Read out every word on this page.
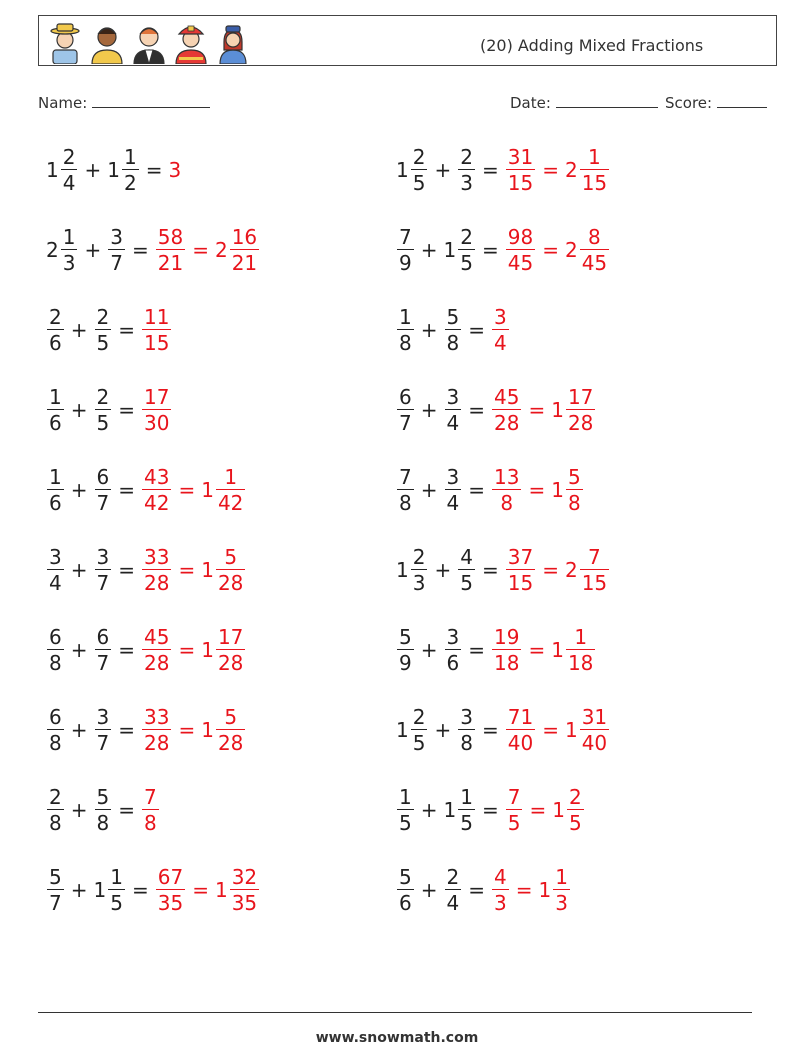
(20) Adding Mixed Fractions
Name:	Date:	Score:
$1 \frac{2}{4} + 1 \frac{1}{2} = 3$	$1 \frac{2}{5} + \frac{2}{3} = \frac{31}{15} = 2 \frac{1}{15}$
$2 \frac{1}{3} + \frac{3}{7} = \frac{58}{21} = 2 \frac{16}{21}$	$\frac{7}{9} + 1 \frac{2}{5} = \frac{98}{45} = 2 \frac{8}{45}$
$\frac{2}{6} + \frac{2}{5} = \frac{11}{15}$	$\frac{1}{8} + \frac{5}{8} = \frac{3}{4}$
$\frac{1}{6} + \frac{2}{5} = \frac{17}{30}$	$\frac{6}{7} + \frac{3}{4} = \frac{45}{28} = 1 \frac{17}{28}$
$\frac{1}{6} + \frac{6}{7} = \frac{43}{42} = 1 \frac{1}{42}$	$\frac{7}{8} + \frac{3}{4} = \frac{13}{8} = 1 \frac{5}{8}$
$\frac{3}{4} + \frac{3}{7} = \frac{33}{28} = 1 \frac{5}{28}$	$1 \frac{2}{3} + \frac{4}{5} = \frac{37}{15} = 2 \frac{7}{15}$
$\frac{6}{8} + \frac{6}{7} = \frac{45}{28} = 1 \frac{17}{28}$	$\frac{5}{9} + \frac{3}{6} = \frac{19}{18} = 1 \frac{1}{18}$
$\frac{6}{8} + \frac{3}{7} = \frac{33}{28} = 1 \frac{5}{28}$	$1 \frac{2}{5} + \frac{3}{8} = \frac{71}{40} = 1 \frac{31}{40}$
$\frac{2}{8} + \frac{5}{8} = \frac{7}{8}$	$\frac{1}{5} + 1 \frac{1}{5} = \frac{7}{5} = 1 \frac{2}{5}$
$\frac{5}{7} + 1 \frac{1}{5} = \frac{67}{35} = 1 \frac{32}{35}$	$\frac{5}{6} + \frac{2}{4} = \frac{4}{3} = 1 \frac{1}{3}$
www.snowmath.com
